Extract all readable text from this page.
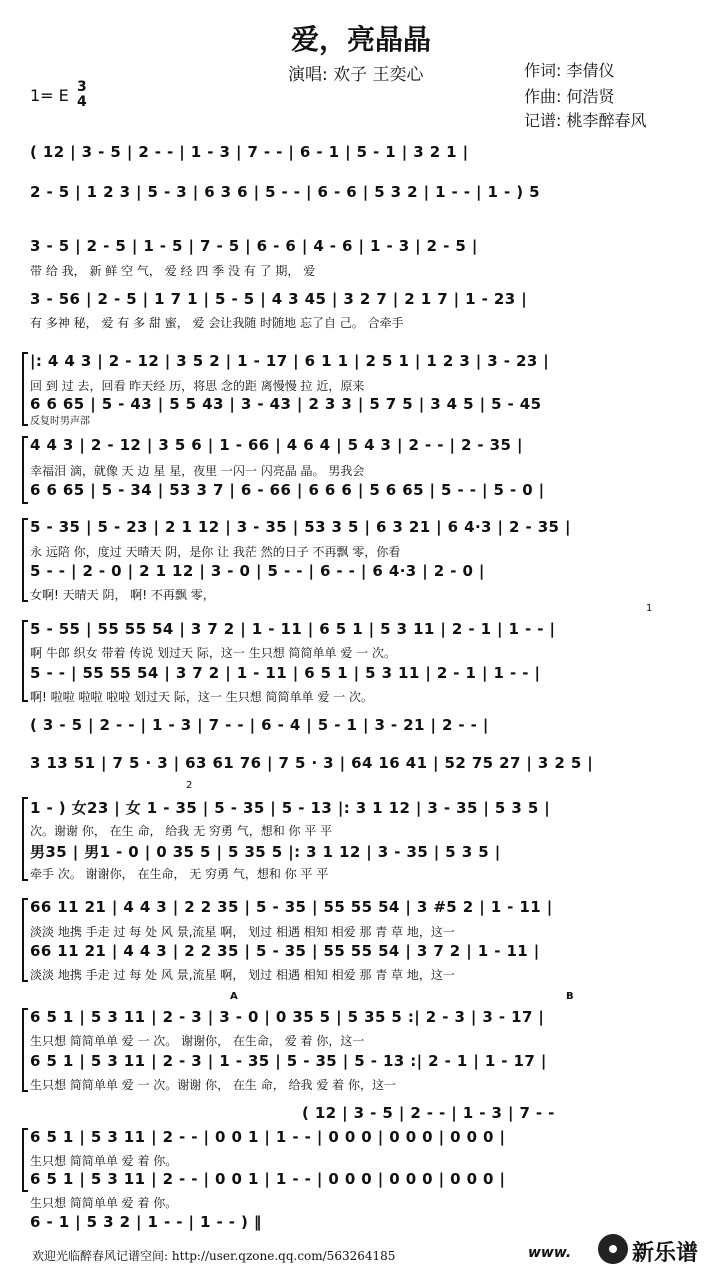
爱，亮晶晶
演唱: 欢子 王奕心	作词: 李倩仪
作曲: 何浩贤
记谱: 桃李醉春风
1= E 3
4
( 12 | 3 - 5 | 2 - - | 1 - 3 | 7 - - | 6 - 1 | 5 - 1 | 3 2 1 |
2 - 5 | 1 2 3 | 5 - 3 | 6 3 6 | 5 - - | 6 - 6 | 5 3 2 | 1 - - | 1 - ) 5
3 - 5 | 2 - 5 | 1 - 5 | 7 - 5 | 6 - 6 | 4 - 6 | 1 - 3 | 2 - 5 |
带 给 我， 新 鲜 空 气， 爱 经 四 季 没 有 了 期， 爱
3 - 56 | 2 - 5 | 1 7 1 | 5 - 5 | 4 3 45 | 3 2 7 | 2 1 7 | 1 - 23 |
有 多神 秘， 爱 有 多 甜 蜜， 爱 会让我随 时随地 忘了自 己。 合牵手
|: 4 4 3 | 2 - 12 | 3 5 2 | 1 - 17 | 6 1 1 | 2 5 1 | 1 2 3 | 3 - 23 |
回 到 过 去，回看 昨天经 历，将思 念的距 离慢慢 拉 近，原来
6 6 65 | 5 - 43 | 5 5 43 | 3 - 43 | 2 3 3 | 5 7 5 | 3 4 5 | 5 - 45
反复时男声部
4 4 3 | 2 - 12 | 3 5 6 | 1 - 66 | 4 6 4 | 5 4 3 | 2 - - | 2 - 35 |
幸福泪 滴，就像 天 边 星 星，夜里 一闪一 闪亮晶 晶。 男我会
6 6 65 | 5 - 34 | 53 3 7 | 6 - 66 | 6 6 6 | 5 6 65 | 5 - - | 5 - 0 |
5 - 35 | 5 - 23 | 2 1 12 | 3 - 35 | 53 3 5 | 6 3 21 | 6 4·3 | 2 - 35 |
永 远陪 你，度过 天晴天 阴，是你 让 我茫 然的日子 不再飘 零，你看
5 - - | 2 - 0 | 2 1 12 | 3 - 0 | 5 - - | 6 - - | 6 4·3 | 2 - 0 |
女啊! 天晴天 阴， 啊! 不再飘 零，
1
5 - 55 | 55 55 54 | 3 7 2 | 1 - 11 | 6 5 1 | 5 3 11 | 2 - 1 | 1 - - |
啊 牛郎 织女 带着 传说 划过天 际，这一 生只想 简简单单 爱 一 次。
5 - - | 55 55 54 | 3 7 2 | 1 - 11 | 6 5 1 | 5 3 11 | 2 - 1 | 1 - - |
啊! 啦啦 啦啦 啦啦 划过天 际，这一 生只想 简简单单 爱 一 次。
( 3 - 5 | 2 - - | 1 - 3 | 7 - - | 6 - 4 | 5 - 1 | 3 - 21 | 2 - - |
3 13 51 | 7 5 · 3 | 63 61 76 | 7 5 · 3 | 64 16 41 | 52 75 27 | 3 2 5 |
2
1 - ) 女23 | 女 1 - 35 | 5 - 35 | 5 - 13 |: 3 1 12 | 3 - 35 | 5 3 5 |
次。谢谢 你， 在生 命， 给我 无 穷勇 气，想和 你 平 平
男35 | 男1 - 0 | 0 35 5 | 5 35 5 |: 3 1 12 | 3 - 35 | 5 3 5 |
牵手 次。 谢谢你， 在生命， 无 穷勇 气，想和 你 平 平
66 11 21 | 4 4 3 | 2 2 35 | 5 - 35 | 55 55 54 | 3 #5 2 | 1 - 11 |
淡淡 地携 手走 过 每 处 风 景,流星 啊， 划过 相遇 相知 相爱 那 青 草 地，这一
66 11 21 | 4 4 3 | 2 2 35 | 5 - 35 | 55 55 54 | 3 7 2 | 1 - 11 |
淡淡 地携 手走 过 每 处 风 景,流星 啊， 划过 相遇 相知 相爱 那 青 草 地，这一
A	B
6 5 1 | 5 3 11 | 2 - 3 | 3 - 0 | 0 35 5 | 5 35 5 :| 2 - 3 | 3 - 17 |
生只想 简简单单 爱 一 次。 谢谢你， 在生命， 爱 着 你，这一
6 5 1 | 5 3 11 | 2 - 3 | 1 - 35 | 5 - 35 | 5 - 13 :| 2 - 1 | 1 - 17 |
生只想 简简单单 爱 一 次。谢谢 你， 在生 命， 给我 爱 着 你，这一
( 12 | 3 - 5 | 2 - - | 1 - 3 | 7 - -
6 5 1 | 5 3 11 | 2 - - | 0 0 1 | 1 - - | 0 0 0 | 0 0 0 | 0 0 0 |
生只想 简简单单 爱 着 你。
6 5 1 | 5 3 11 | 2 - - | 0 0 1 | 1 - - | 0 0 0 | 0 0 0 | 0 0 0 |
生只想 简简单单 爱 着 你。
6 - 1 | 5 3 2 | 1 - - | 1 - - ) ‖
欢迎光临醉春风记谱空间: http://user.qzone.qq.com/563264185	www.	新乐谱
